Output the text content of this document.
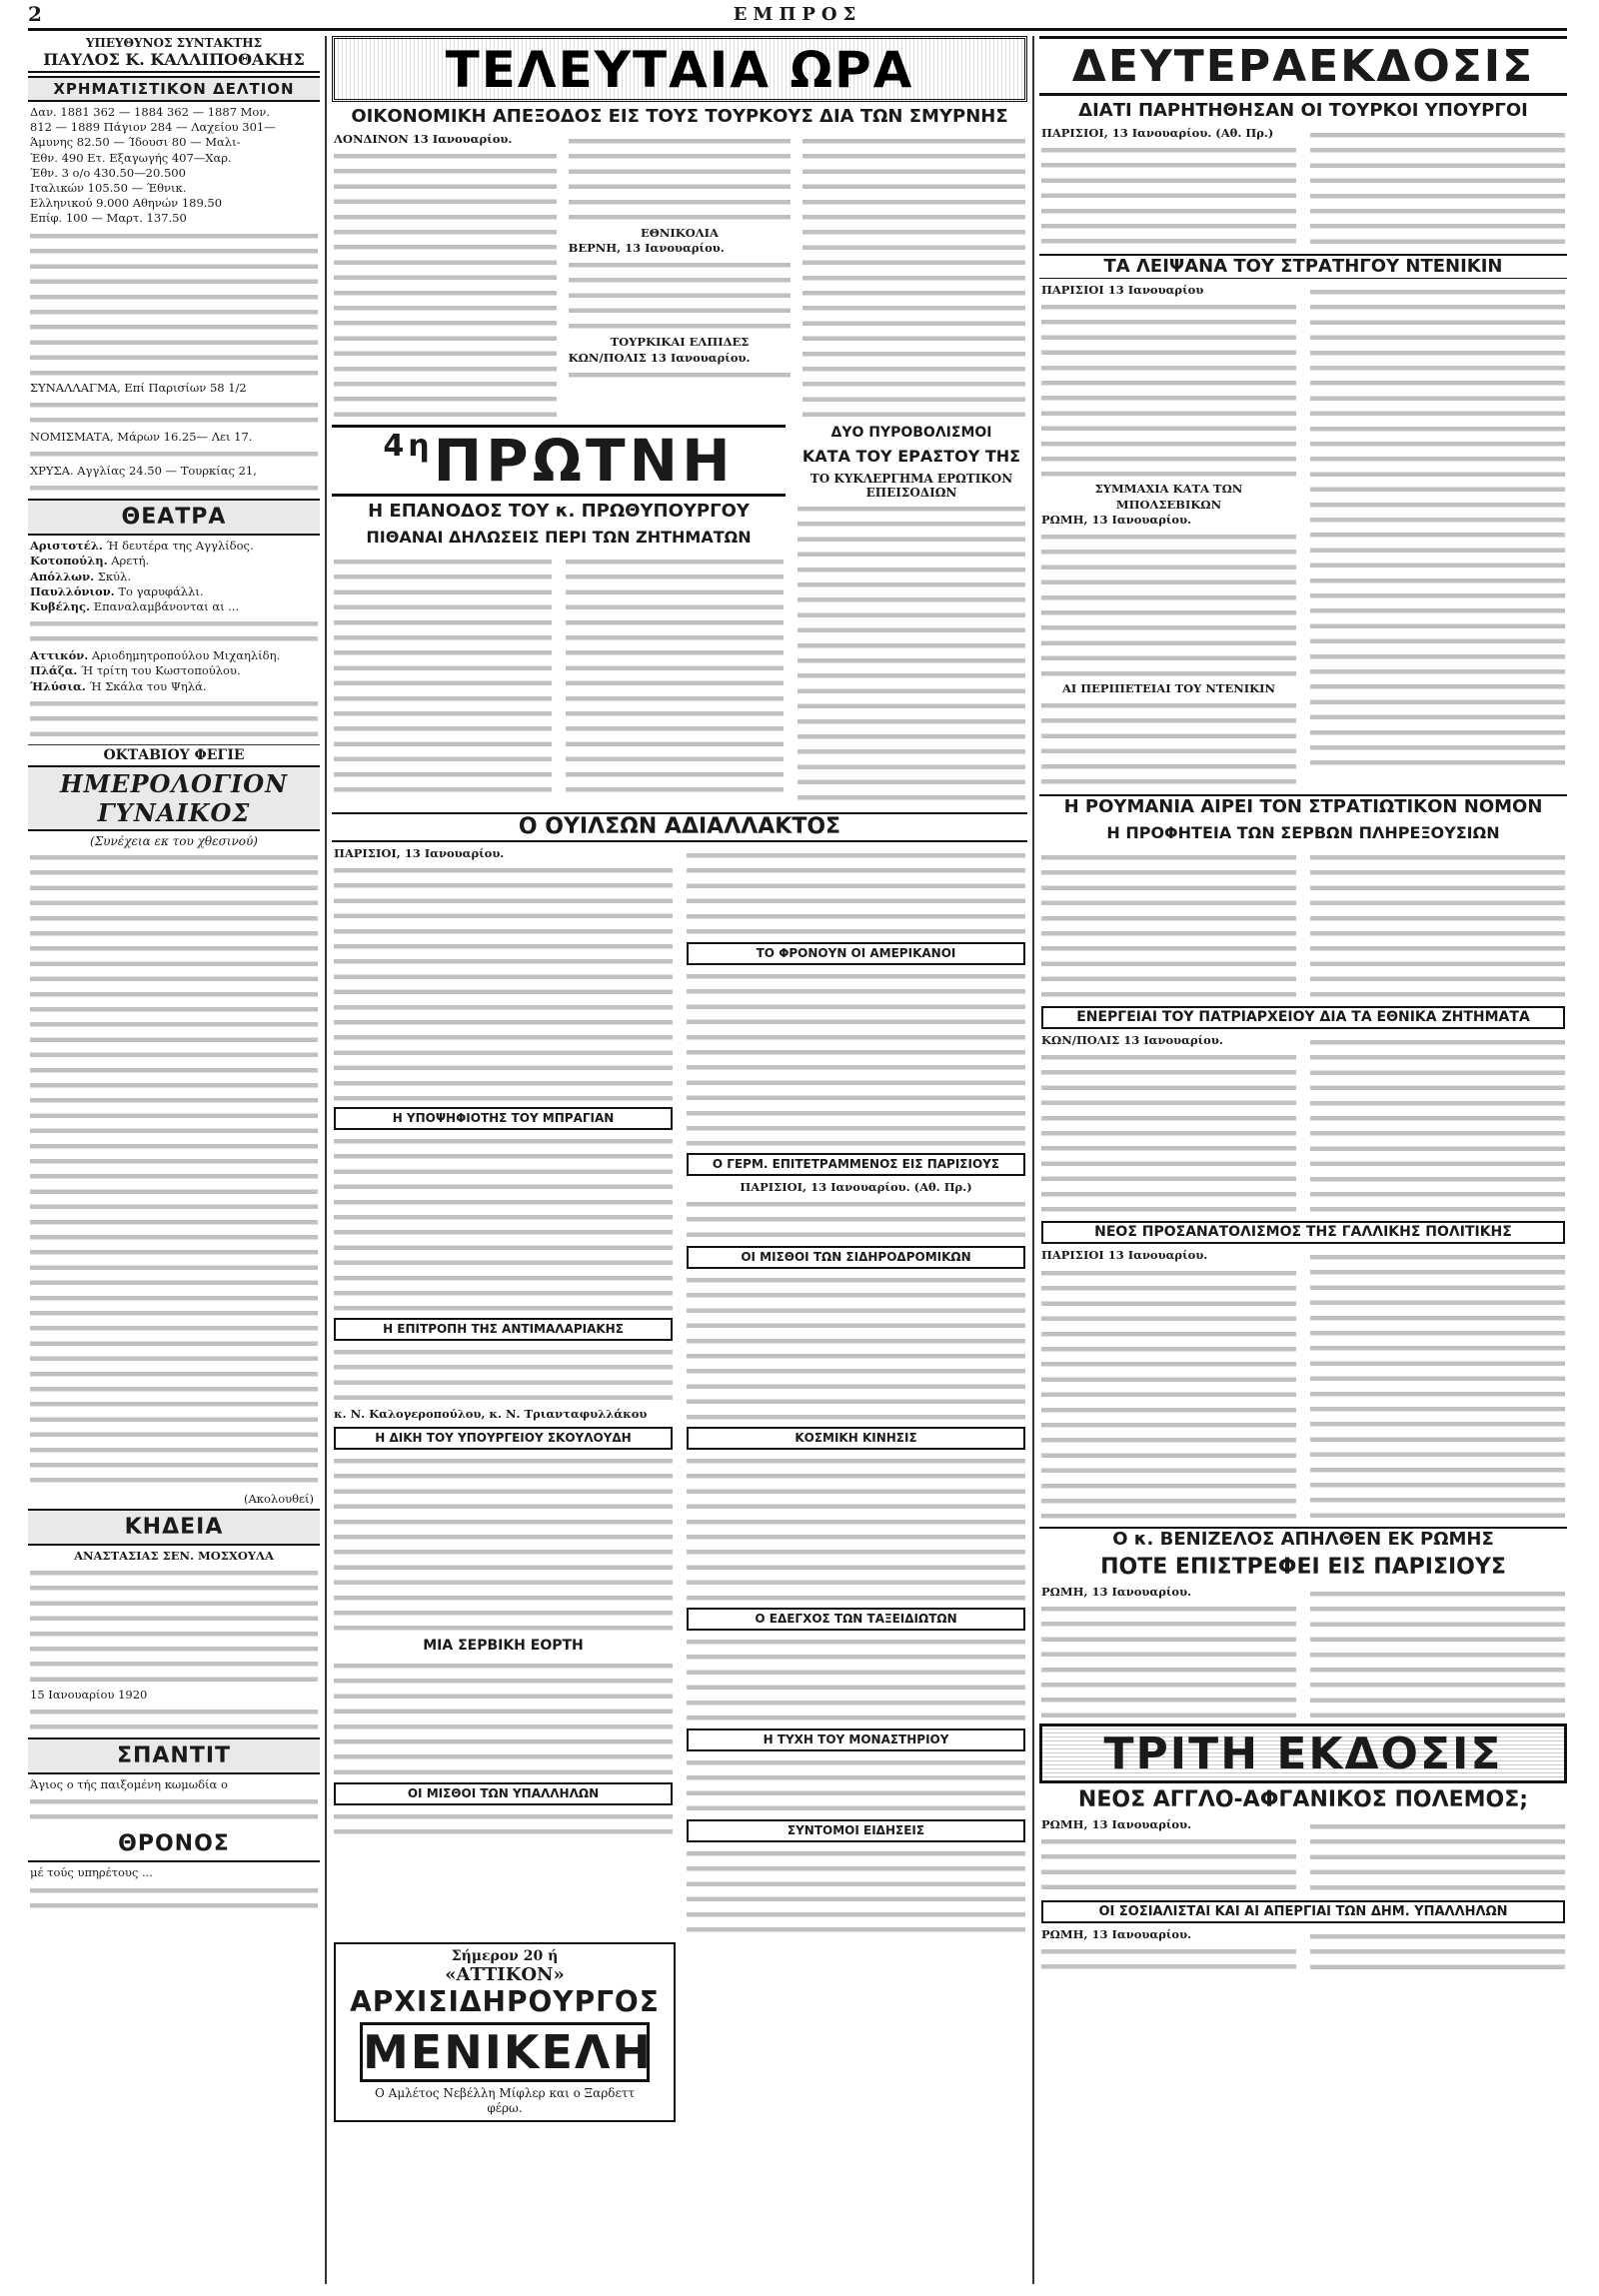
2	ΕΜΠΡΟΣ
ΥΠΕΥΘΥΝΟΣ ΣΥΝΤΑΚΤΗΣ
ΠΑΥΛΟΣ Κ. ΚΑΛΛΙΠΟΘΑΚΗΣ
ΧΡΗΜΑΤΙΣΤΙΚΟΝ ΔΕΛΤΙΟΝ

Δαν. 1881 362 — 1884 362 — 1887 Μον.

812 — 1889 Πάγιον 284 — Λαχείου 301—

Άμυνης 82.50 — Ίδουσι 80 — Μαλι-

Έθν. 490 Ετ. Εξαγωγής 407—Χαρ.

Έθν. 3 ο/ο 430.50—20.500

Ιταλικών 105.50 — Έθνικ.

Ελληνικού 9.000 Αθηνών 189.50

Επίφ. 100 — Μαρτ. 137.50

ΣΥΝΑΛΛΑΓΜΑ, Επί Παρισίων 58 1/2

ΝΟΜΙΣΜΑΤΑ, Μάρων 16.25— Λει 17.

ΧΡΥΣΑ. Αγγλίας 24.50 — Τουρκίας 21,

ΘΕΑΤΡΑ
Αριστοτέλ. Ή δευτέρα της Αγγλίδος.
Κοτοπούλη. Αρετή.
Απόλλων. Σκύλ.
Παυλλόνιον. Το γαρυφάλλι.
Κυβέλης. Επαναλαμβάνονται αι ...
Αττικόν. Αριοδημητροπούλου Μιχαηλίδη.
Πλάζα. Ή τρίτη του Κωστοπούλου.
Ήλύσια. Ή Σκάλα του Ψηλά.
ΟΚΤΑΒΙΟΥ ΦΕΓΙΕ
ΗΜΕΡΟΛΟΓΙΟΝ ΓΥΝΑΙΚΟΣ
(Συνέχεια εκ του χθεσινού)
(Ακολουθεί)
ΚΗΔΕΙΑ

ΑΝΑΣΤΑΣΙΑΣ ΣΕΝ. ΜΟΣΧΟΥΛΑ

15 Ιανουαρίου 1920

ΣΠΑΝΤΙΤ

Άγιος ο τής παιξομένη κωμωδία ο

ΘΡΟΝΟΣ

μέ τούς υπηρέτους ...

ΤΕΛΕΥΤΑΙΑ ΩΡΑ
ΟΙΚΟΝΟΜΙΚΗ ΑΠΕΞΟΔΟΣ ΕΙΣ ΤΟΥΣ ΤΟΥΡΚΟΥΣ ΔΙΑ ΤΩΝ ΣΜΥΡΝΗΣ

ΛΟΝΔΙΝΟΝ 13 Ιανουαρίου.

ΕΘΝΙΚΟΛΙΑ

ΒΕΡΝΗ, 13 Ιανουαρίου.

ΤΟΥΡΚΙΚΑΙ ΕΛΠΙΔΕΣ

ΚΩΝ/ΠΟΛΙΣ 13 Ιανουαρίου.

$^{4\eta}$ΠΡΩΤΝΗ
Η ΕΠΑΝΟΔΟΣ ΤΟΥ κ. ΠΡΩΘΥΠΟΥΡΓΟΥ
ΠΙΘΑΝΑΙ ΔΗΛΩΣΕΙΣ ΠΕΡΙ ΤΩΝ ΖΗΤΗΜΑΤΩΝ
ΔΥΟ ΠΥΡΟΒΟΛΙΣΜΟΙ
ΚΑΤΑ ΤΟΥ ΕΡΑΣΤΟΥ ΤΗΣ
ΤΟ ΚΥΚΛΕΡΓΗΜΑ ΕΡΩΤΙΚΟΝ ΕΠΕΙΣΟΔΙΩΝ
Ο ΟΥΙΛΣΩΝ ΑΔΙΑΛΛΑΚΤΟΣ

ΠΑΡΙΣΙΟΙ, 13 Ιανουαρίου.

Η ΥΠΟΨΗΦΙΟΤΗΣ ΤΟΥ ΜΠΡΑΓΙΑΝ
Η ΕΠΙΤΡΟΠΗ ΤΗΣ ΑΝΤΙΜΑΛΑΡΙΑΚΗΣ

κ. Ν. Καλογεροπούλου, κ. Ν. Τριανταφυλλάκου

Η ΔΙΚΗ ΤΟΥ ΥΠΟΥΡΓΕΙΟΥ ΣΚΟΥΛΟΥΔΗ
ΜΙΑ ΣΕΡΒΙΚΗ ΕΟΡΤΗ
ΟΙ ΜΙΣΘΟΙ ΤΩΝ ΥΠΑΛΛΗΛΩΝ
ΤΟ ΦΡΟΝΟΥΝ ΟΙ ΑΜΕΡΙΚΑΝΟΙ
Ο ΓΕΡΜ. ΕΠΙΤΕΤΡΑΜΜΕΝΟΣ ΕΙΣ ΠΑΡΙΣΙΟΥΣ

ΠΑΡΙΣΙΟΙ, 13 Ιανουαρίου. (Αθ. Πρ.)

ΟΙ ΜΙΣΘΟΙ ΤΩΝ ΣΙΔΗΡΟΔΡΟΜΙΚΩΝ
ΚΟΣΜΙΚΗ ΚΙΝΗΣΙΣ
Ο ΕΔΕΓΧΟΣ ΤΩΝ ΤΑΞΕΙΔΙΩΤΩΝ
Η ΤΥΧΗ ΤΟΥ ΜΟΝΑΣΤΗΡΙΟΥ
ΣΥΝΤΟΜΟΙ ΕΙΔΗΣΕΙΣ
Σήμερον 20 ή
«ΑΤΤΙΚΟΝ»
ΑΡΧΙΣΙΔΗΡΟΥΡΓΟΣ
ΜΕΝΙΚΕΛΗ
Ο Αμλέτος Νεβέλλη Μίφλερ και ο Ξαρδεττ
φέρω.
ΔΕΥΤΕΡΑΕΚΔΟΣΙΣ
ΔΙΑΤΙ ΠΑΡΗΤΗΘΗΣΑΝ ΟΙ ΤΟΥΡΚΟΙ ΥΠΟΥΡΓΟΙ

ΠΑΡΙΣΙΟΙ, 13 Ιανουαρίου. (Αθ. Πρ.)

ΤΑ ΛΕΙΨΑΝΑ ΤΟΥ ΣΤΡΑΤΗΓΟΥ ΝΤΕΝΙΚΙΝ

ΠΑΡΙΣΙΟΙ 13 Ιανουαρίου

ΣΥΜΜΑΧΙΑ ΚΑΤΑ ΤΩΝ ΜΠΟΛΣΕΒΙΚΩΝ

ΡΩΜΗ, 13 Ιανουαρίου.

ΑΙ ΠΕΡΙΠΕΤΕΙΑΙ ΤΟΥ ΝΤΕΝΙΚΙΝ

Η ΡΟΥΜΑΝΙΑ ΑΙΡΕΙ ΤΟΝ ΣΤΡΑΤΙΩΤΙΚΟΝ ΝΟΜΟΝ
Η ΠΡΟΦΗΤΕΙΑ ΤΩΝ ΣΕΡΒΩΝ ΠΛΗΡΕΞΟΥΣΙΩΝ
ΕΝΕΡΓΕΙΑΙ ΤΟΥ ΠΑΤΡΙΑΡΧΕΙΟΥ ΔΙΑ ΤΑ ΕΘΝΙΚΑ ΖΗΤΗΜΑΤΑ

ΚΩΝ/ΠΟΛΙΣ 13 Ιανουαρίου.

ΝΕΟΣ ΠΡΟΣΑΝΑΤΟΛΙΣΜΟΣ ΤΗΣ ΓΑΛΛΙΚΗΣ ΠΟΛΙΤΙΚΗΣ

ΠΑΡΙΣΙΟΙ 13 Ιανουαρίου.

Ο κ. ΒΕΝΙΖΕΛΟΣ ΑΠΗΛΘΕΝ ΕΚ ΡΩΜΗΣ
ΠΟΤΕ ΕΠΙΣΤΡΕΦΕΙ ΕΙΣ ΠΑΡΙΣΙΟΥΣ

ΡΩΜΗ, 13 Ιανουαρίου.

ΤΡΙΤΗ ΕΚΔΟΣΙΣ
ΝΕΟΣ ΑΓΓΛΟ-ΑΦΓΑΝΙΚΟΣ ΠΟΛΕΜΟΣ;

ΡΩΜΗ, 13 Ιανουαρίου.

ΟΙ ΣΟΣΙΑΛΙΣΤΑΙ ΚΑΙ ΑΙ ΑΠΕΡΓΙΑΙ ΤΩΝ ΔΗΜ. ΥΠΑΛΛΗΛΩΝ

ΡΩΜΗ, 13 Ιανουαρίου.
